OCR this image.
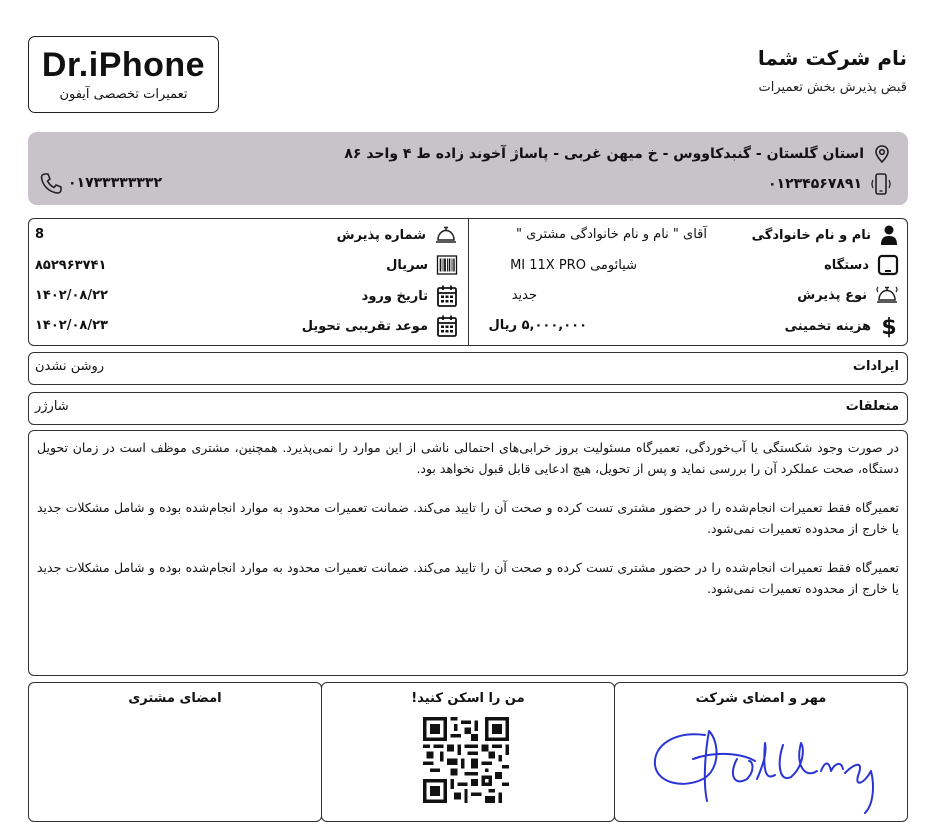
نام شرکت شما
قبض پذیرش بخش تعمیرات
Dr.iPhone
تعمیرات تخصصی آیفون
استان گلستان - گنبدکاووس - خ میهن غربی - پاساژ آخوند زاده ط ۴ واحد ۸۶
۰۱۲۳۴۵۶۷۸۹۱
۰۱۷۳۳۳۳۳۳۳۲
نام و نام خانوادگی
آقای " نام و نام خانوادگی مشتری "
دستگاه
شیائومی MI 11X PRO
نوع پذیرش
جدید
$
هزینه تخمینی
۵,۰۰۰,۰۰۰ ریال
شماره پذیرش
8
سریال
۸۵۲۹۶۳۷۴۱
تاریخ ورود
۱۴۰۲/۰۸/۲۲
موعد تقریبی تحویل
۱۴۰۲/۰۸/۲۳
ایرادات
روشن نشدن
متعلقات
شارژر

در صورت وجود شکستگی یا آب‌خوردگی، تعمیرگاه مسئولیت بروز خرابی‌های احتمالی ناشی از این موارد را نمی‌پذیرد. همچنین، مشتری موظف است در زمان تحویل دستگاه، صحت عملکرد آن را بررسی نماید و پس از تحویل، هیچ ادعایی قابل قبول نخواهد بود.

تعمیرگاه فقط تعمیرات انجام‌شده را در حضور مشتری تست کرده و صحت آن را تایید می‌کند. ضمانت تعمیرات محدود به موارد انجام‌شده بوده و شامل مشکلات جدید یا خارج از محدوده تعمیرات نمی‌شود.

تعمیرگاه فقط تعمیرات انجام‌شده را در حضور مشتری تست کرده و صحت آن را تایید می‌کند. ضمانت تعمیرات محدود به موارد انجام‌شده بوده و شامل مشکلات جدید یا خارج از محدوده تعمیرات نمی‌شود.

مهر و امضای شرکت
من را اسکن کنید!
امضای مشتری
